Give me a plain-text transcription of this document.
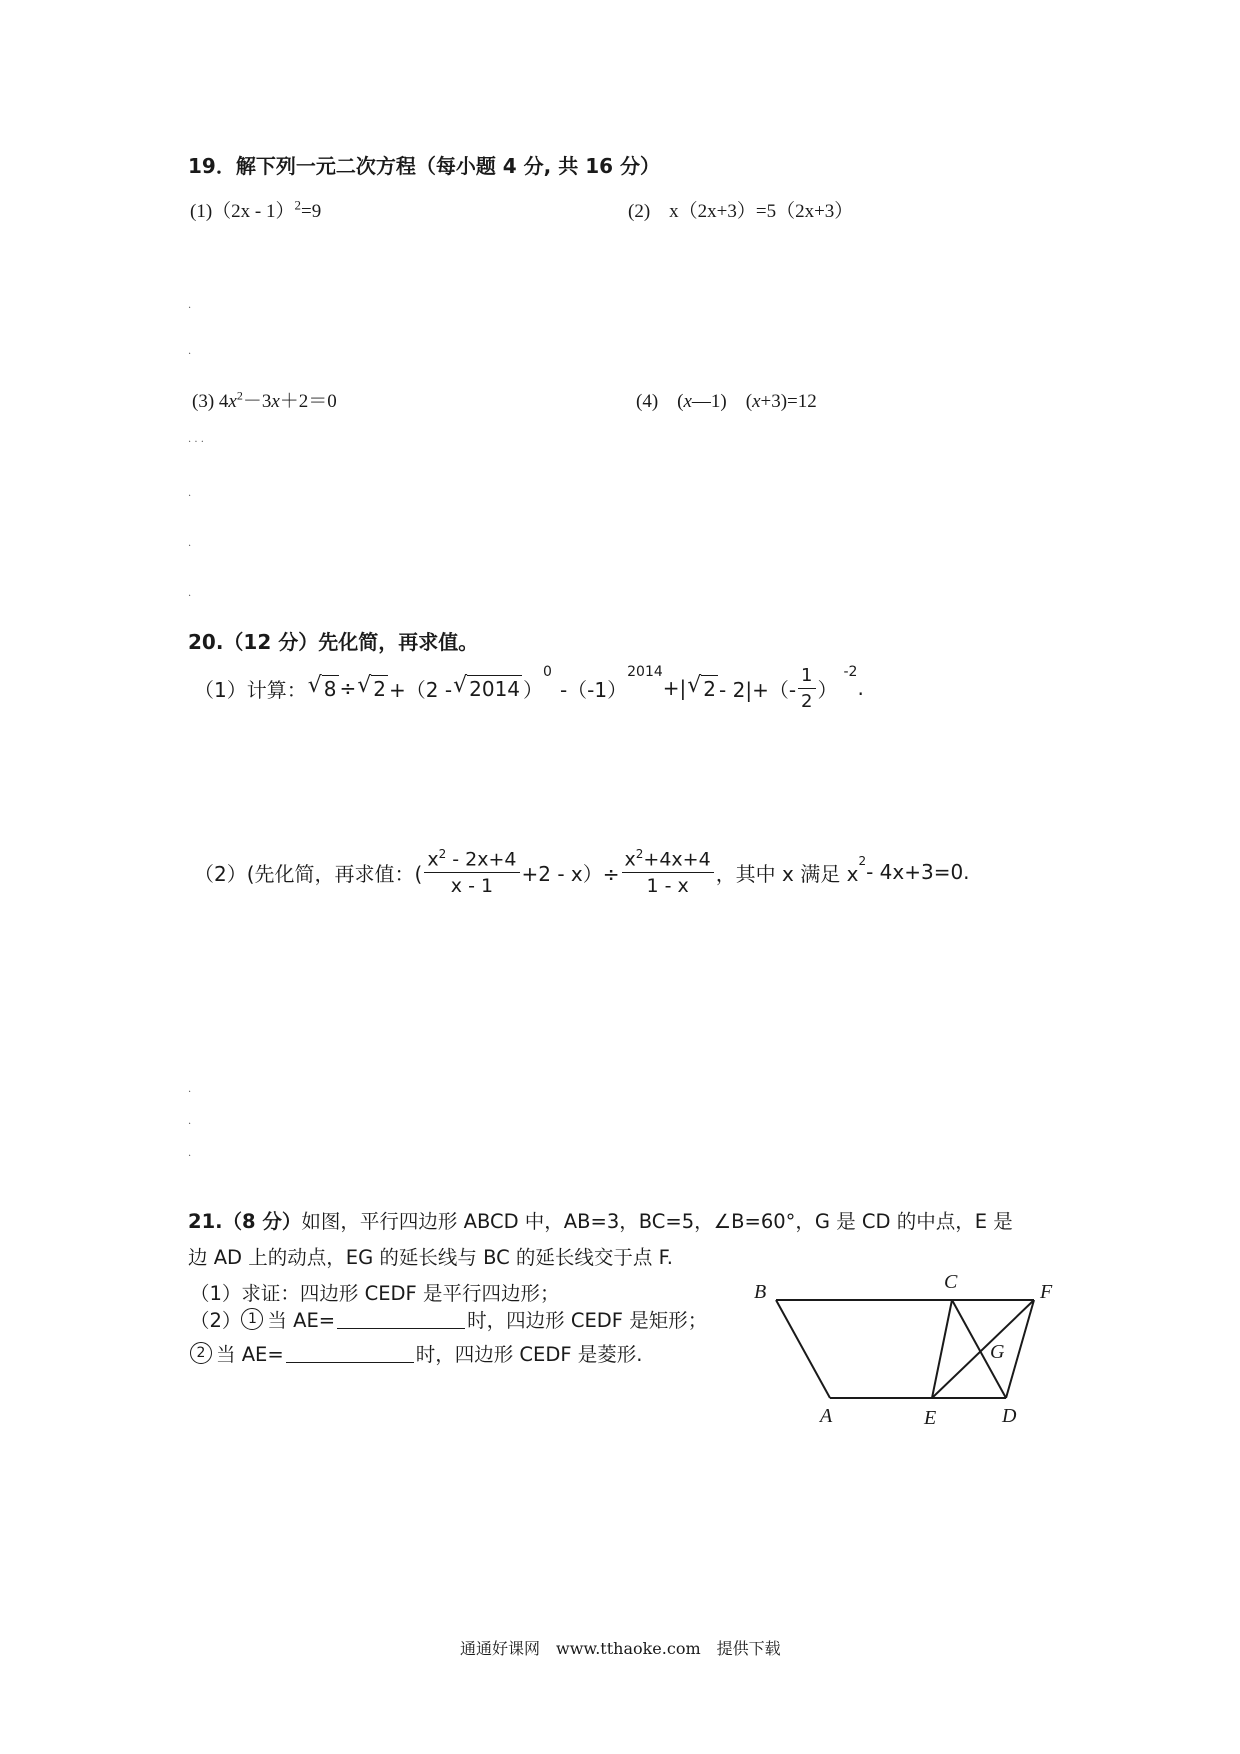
19．解下列一元二次方程（每小题 4 分, 共 16 分）
(1)（2x - 1）$^2$=9	(2)　x（2x+3）=5（2x+3）
.
.
(3) $4x^2-3x+2=0$	(4)　(x—1)　(x+3)=12
. . .
.
.
.
20.（12 分）先化简，再求值。
（1）计算： √ 8 ÷ √ 2 +（2 - √ 2014 ）
$^0$
-（-1）
$^{2014}$
+| √ $2 - 2|+(- \frac{1}{2}$ ）
$^{-2}$
.
（2）(先化简，再求值：( $\frac{x^2 - 2x+4}{x - 1} +2 - x)\div \frac{x^2+4x+4}{1 - x}$ ，其中 x 满足 x
$^2$ - 4x+3=0.
.
.
.
21.（8 分）如图，平行四边形 ABCD 中，AB=3，BC=5，∠B=60°，G 是 CD 的中点，E 是
边 AD 上的动点，EG 的延长线与 BC 的延长线交于点 F.
（1）求证：四边形 CEDF 是平行四边形；
（2） 1 当 AE=	时，四边形 CEDF 是矩形；
2 当 AE=	时，四边形 CEDF 是菱形.
B	C	F
G
A	E	D
通通好课网　www.tthaoke.com　提供下载
